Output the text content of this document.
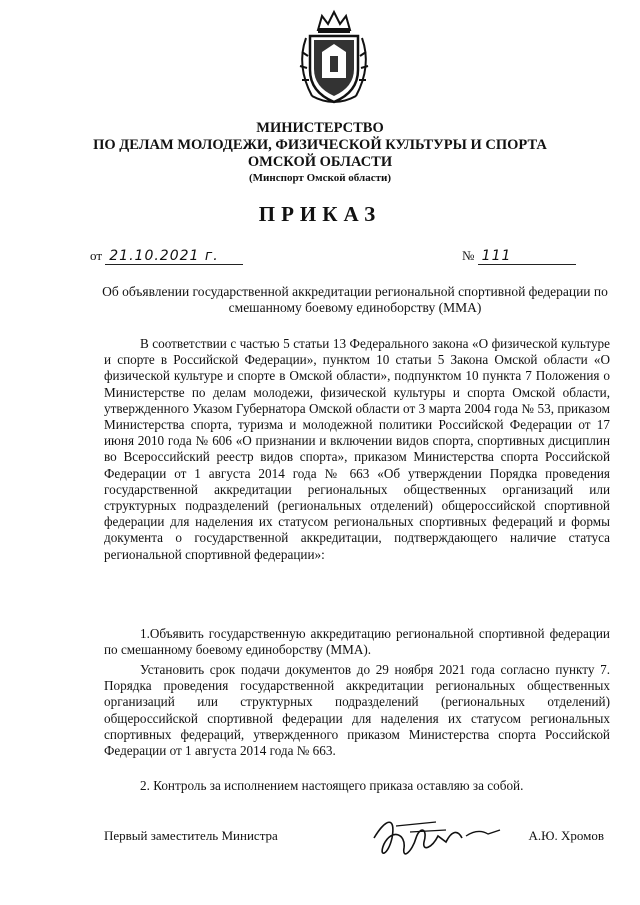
МИНИСТЕРСТВО
ПО ДЕЛАМ МОЛОДЕЖИ, ФИЗИЧЕСКОЙ КУЛЬТУРЫ И СПОРТА
ОМСКОЙ ОБЛАСТИ
(Минспорт Омской области)
ПРИКАЗ
от 21.10.2021 г.	№ 111
Об объявлении государственной аккредитации региональной спортивной федерации по смешанному боевому единоборству (ММА)
В соответствии с частью 5 статьи 13 Федерального закона «О физической культуре и спорте в Российской Федерации», пунктом 10 статьи 5 Закона Омской области «О физической культуре и спорте в Омской области», подпунктом 10 пункта 7 Положения о Министерстве по делам молодежи, физической культуры и спорта Омской области, утвержденного Указом Губернатора Омской области от 3 марта 2004 года № 53, приказом Министерства спорта, туризма и молодежной политики Российской Федерации от 17 июня 2010 года № 606 «О признании и включении видов спорта, спортивных дисциплин во Всероссийский реестр видов спорта», приказом Министерства спорта Российской Федерации от 1 августа 2014 года № 663 «Об утверждении Порядка проведения государственной аккредитации региональных общественных организаций или структурных подразделений (региональных отделений) общероссийской спортивной федерации для наделения их статусом региональных спортивных федераций и формы документа о государственной аккредитации, подтверждающего наличие статуса региональной спортивной федерации»:
1.Объявить государственную аккредитацию региональной спортивной федерации по смешанному боевому единоборству (ММА).
Установить срок подачи документов до 29 ноября 2021 года согласно пункту 7. Порядка проведения государственной аккредитации региональных общественных организаций или структурных подразделений (региональных отделений) общероссийской спортивной федерации для наделения их статусом региональных спортивных федераций, утвержденного приказом Министерства спорта Российской Федерации от 1 августа 2014 года № 663.
2. Контроль за исполнением настоящего приказа оставляю за собой.
Первый заместитель Министра	А.Ю. Хромов
